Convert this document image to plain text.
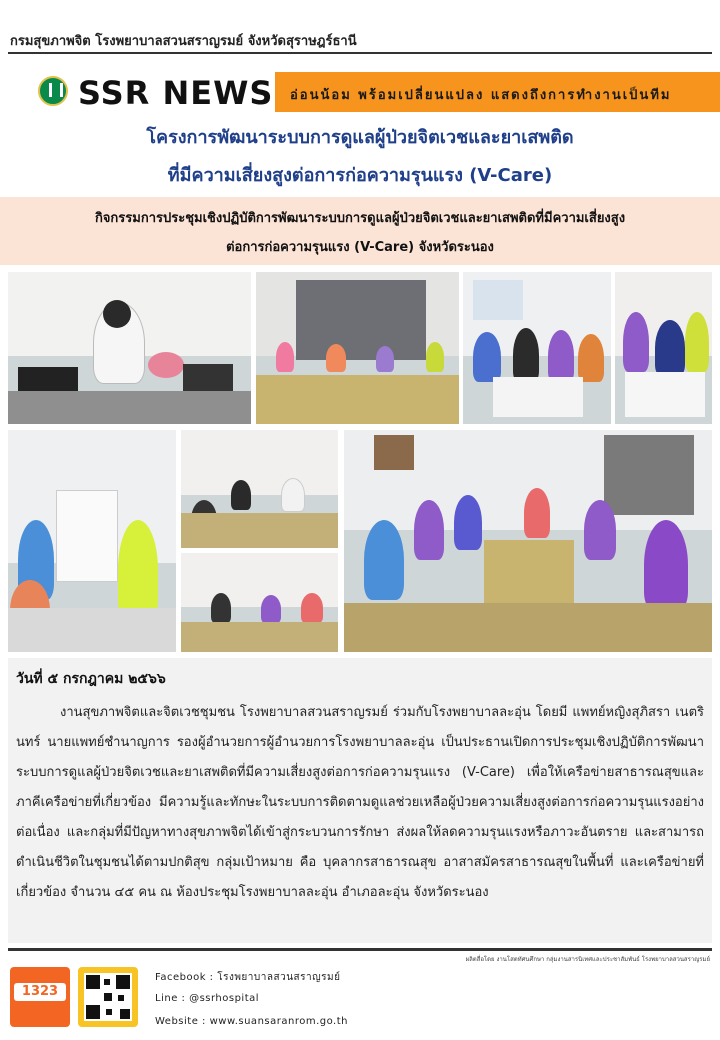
กรมสุขภาพจิต โรงพยาบาลสวนสราญรมย์ จังหวัดสุราษฎร์ธานี
SSR NEWS อ่อนน้อม พร้อมเปลี่ยนแปลง แสดงถึงการทำงานเป็นทีม
โครงการพัฒนาระบบการดูแลผู้ป่วยจิตเวชและยาเสพติด
ที่มีความเสี่ยงสูงต่อการก่อความรุนแรง (V-Care)
กิจกรรมการประชุมเชิงปฏิบัติการพัฒนาระบบการดูแลผู้ป่วยจิตเวชและยาเสพติดที่มีความเสี่ยงสูง
ต่อการก่อความรุนแรง (V-Care) จังหวัดระนอง
วันที่ ๕ กรกฎาคม ๒๕๖๖
งานสุขภาพจิตและจิตเวชชุมชน โรงพยาบาลสวนสราญรมย์ ร่วมกับโรงพยาบาลละอุ่น โดยมี แพทย์หญิงสุภิสรา เนตรินทร์ นายแพทย์ชำนาญการ รองผู้อำนวยการผู้อำนวยการโรงพยาบาลละอุ่น เป็นประธานเปิดการประชุมเชิงปฏิบัติการพัฒนาระบบการดูแลผู้ป่วยจิตเวชและยาเสพติดที่มีความเสี่ยงสูงต่อการก่อความรุนแรง (V-Care) เพื่อให้เครือข่ายสาธารณสุขและภาคีเครือข่ายที่เกี่ยวข้อง มีความรู้และทักษะในระบบการติดตามดูแลช่วยเหลือผู้ป่วยความเสี่ยงสูงต่อการก่อความรุนแรงอย่างต่อเนื่อง และกลุ่มที่มีปัญหาทางสุขภาพจิตได้เข้าสู่กระบวนการรักษา ส่งผลให้ลดความรุนแรงหรือภาวะอันตราย และสามารถดำเนินชีวิตในชุมชนได้ตามปกติสุข กลุ่มเป้าหมาย คือ บุคลากรสาธารณสุข อาสาสมัครสาธารณสุขในพื้นที่ และเครือข่ายที่เกี่ยวข้อง จำนวน ๔๕ คน ณ ห้องประชุมโรงพยาบาลละอุ่น อำเภอละอุ่น จังหวัดระนอง
ผลิตสื่อโดย งานโสตทัศนศึกษา กลุ่มงานสารนิเทศและประชาสัมพันธ์ โรงพยาบาลสวนสราญรมย์
1323
Facebook : โรงพยาบาลสวนสราญรมย์
Line : @ssrhospital
Website : www.suansaranrom.go.th
